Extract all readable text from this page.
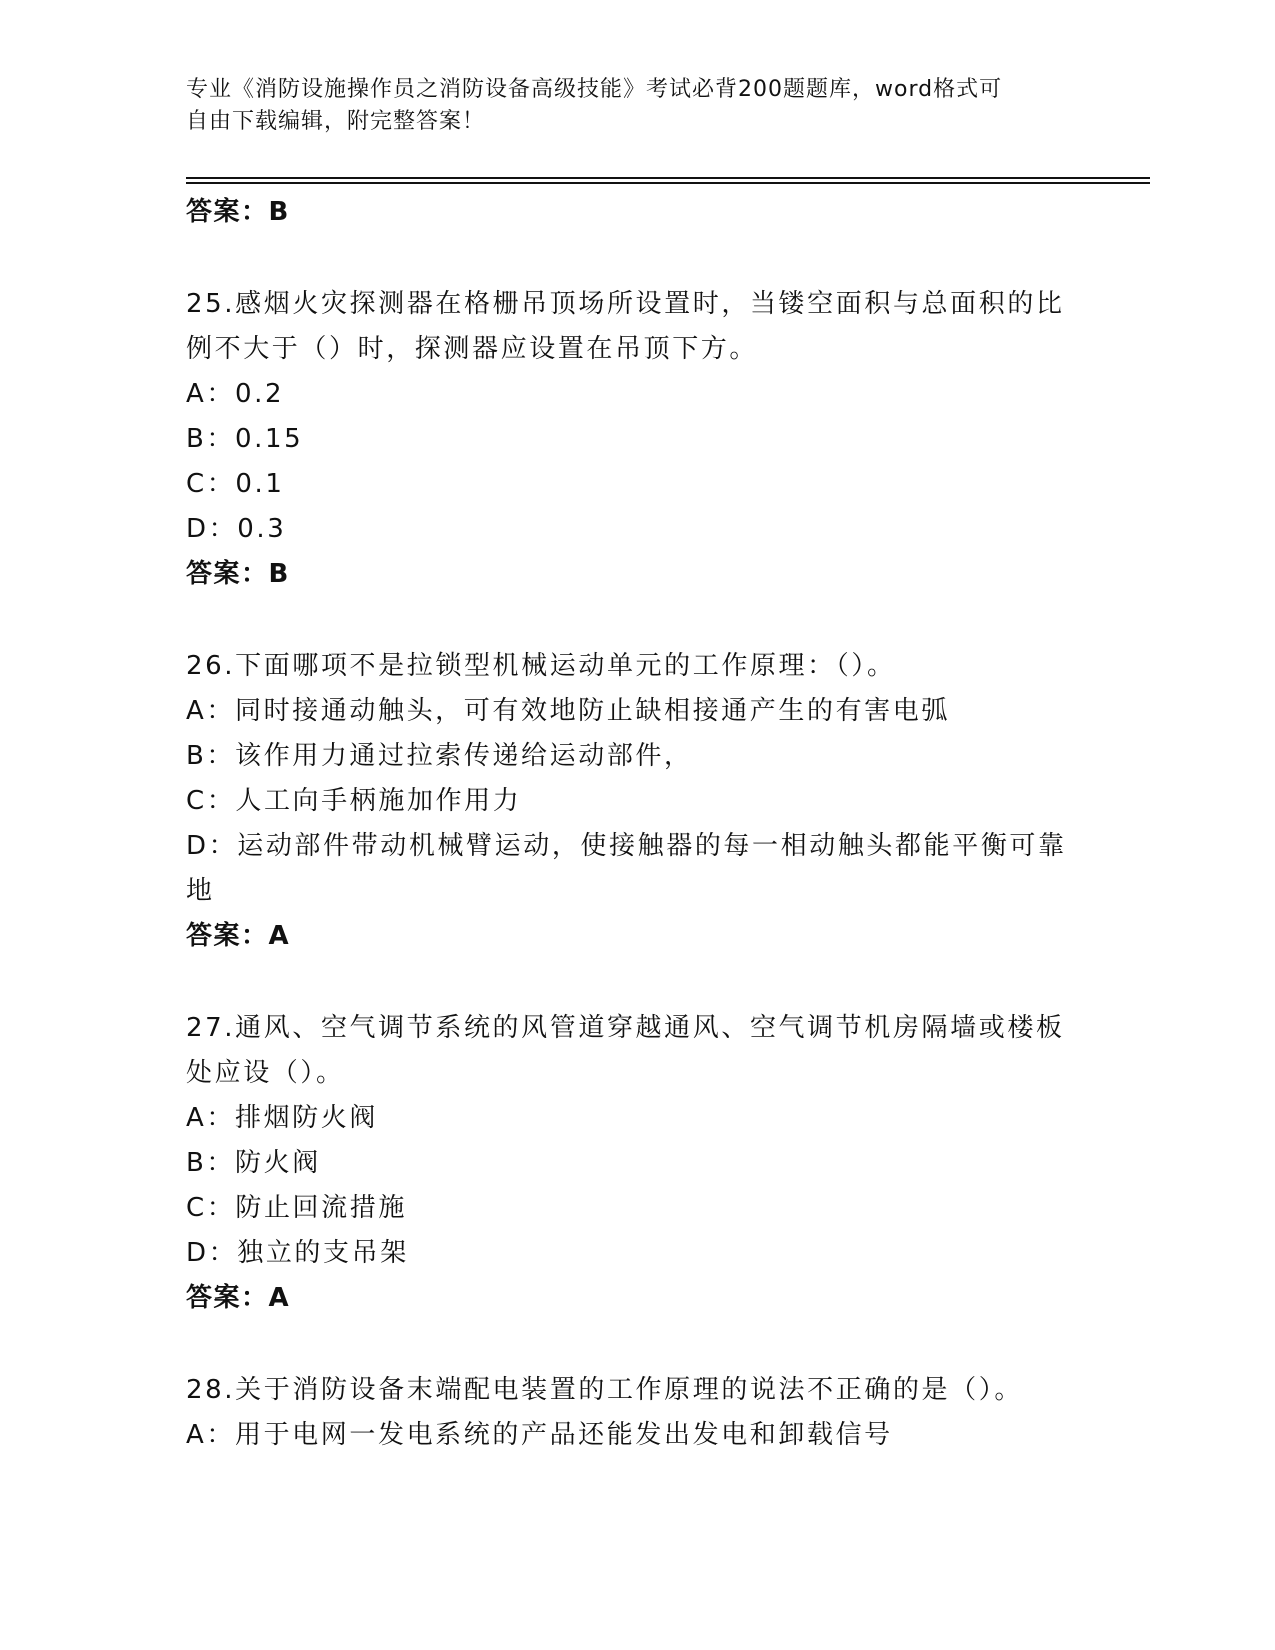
专业《消防设施操作员之消防设备高级技能》考试必背200题题库，word格式可
自由下载编辑，附完整答案！
答案：B
25.感烟火灾探测器在格栅吊顶场所设置时，当镂空面积与总面积的比
例不大于（）时，探测器应设置在吊顶下方。
A：0.2
B：0.15
C：0.1
D：0.3
答案：B
26.下面哪项不是拉锁型机械运动单元的工作原理：（）。
A：同时接通动触头，可有效地防止缺相接通产生的有害电弧
B：该作用力通过拉索传递给运动部件，
C：人工向手柄施加作用力
D：运动部件带动机械臂运动，使接触器的每一相动触头都能平衡可靠
地
答案：A
27.通风、空气调节系统的风管道穿越通风、空气调节机房隔墙或楼板
处应设（）。
A：排烟防火阀
B：防火阀
C：防止回流措施
D：独立的支吊架
答案：A
28.关于消防设备末端配电装置的工作原理的说法不正确的是（）。
A：用于电网一发电系统的产品还能发出发电和卸载信号
